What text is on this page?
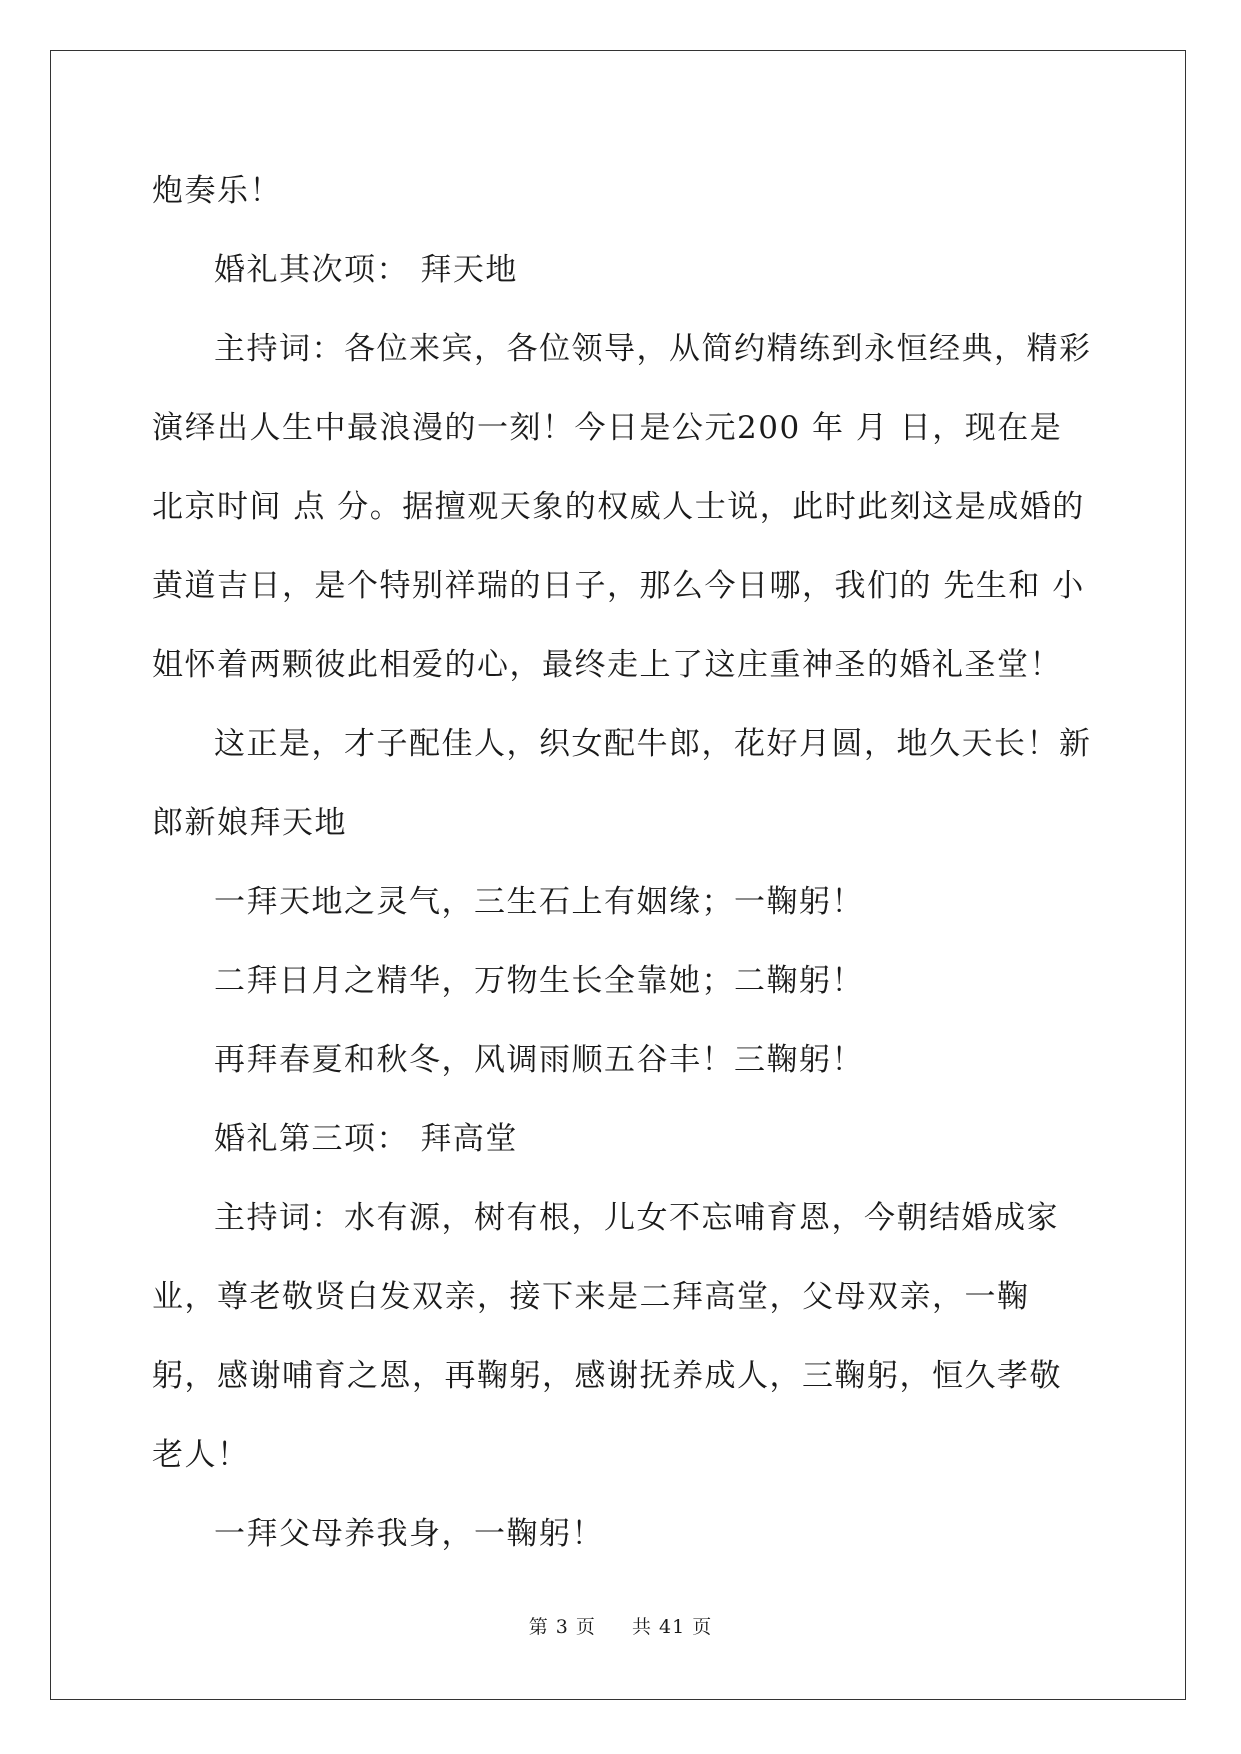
炮奏乐！

婚礼其次项： 拜天地

主持词：各位来宾，各位领导，从简约精练到永恒经典，精彩演绎出人生中最浪漫的一刻！今日是公元200 年 月 日，现在是北京时间 点 分。据擅观天象的权威人士说，此时此刻这是成婚的黄道吉日，是个特别祥瑞的日子，那么今日哪，我们的 先生和 小姐怀着两颗彼此相爱的心，最终走上了这庄重神圣的婚礼圣堂！

这正是，才子配佳人，织女配牛郎，花好月圆，地久天长！新郎新娘拜天地

一拜天地之灵气，三生石上有姻缘；一鞠躬！

二拜日月之精华，万物生长全靠她；二鞠躬！

再拜春夏和秋冬，风调雨顺五谷丰！三鞠躬！

婚礼第三项： 拜高堂

主持词：水有源，树有根，儿女不忘哺育恩，今朝结婚成家业，尊老敬贤白发双亲，接下来是二拜高堂，父母双亲，一鞠躬，感谢哺育之恩，再鞠躬，感谢抚养成人，三鞠躬，恒久孝敬老人！

一拜父母养我身，一鞠躬！

第 3 页 共 41 页
